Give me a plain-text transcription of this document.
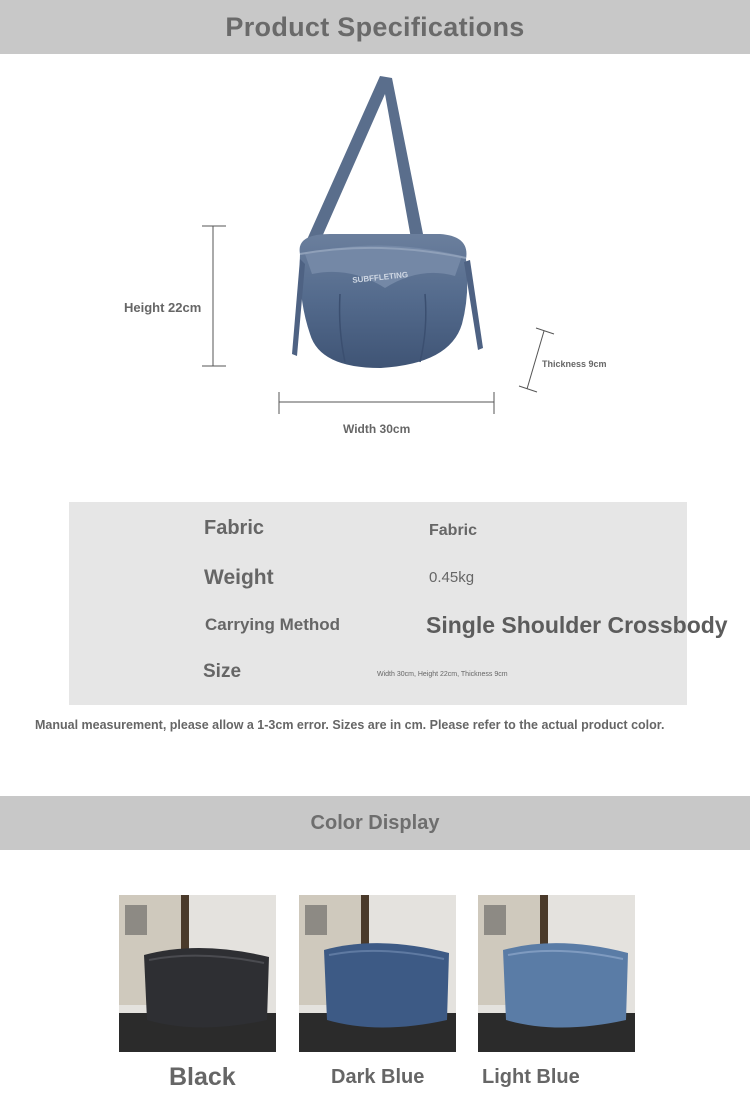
Product Specifications
SUBFFLETING
Height 22cm
Width 30cm
Thickness 9cm
Fabric	Fabric
Weight	0.45kg
Carrying Method	Single Shoulder Crossbody
Size	Width 30cm, Height 22cm, Thickness 9cm
Manual measurement, please allow a 1-3cm error. Sizes are in cm. Please refer to the actual product color.
Color Display
Black	Dark Blue	Light Blue
